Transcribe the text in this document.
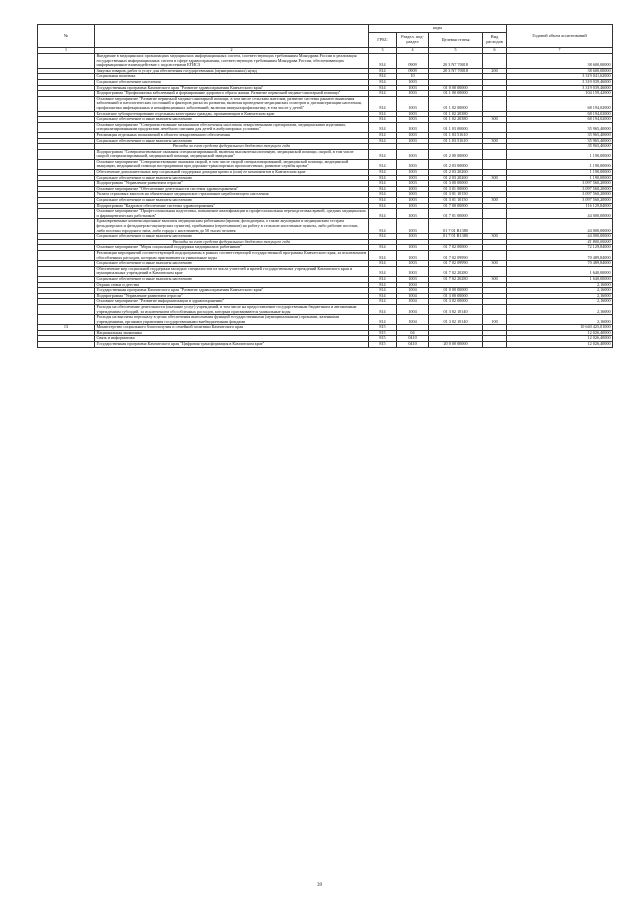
№		коды				Годовой объем ассигнований
		ГРБС	Раздел, под-раздел	Целевая статья	Вид расходов	
1	2	3	4	5	6	7
	Внедрение в медицинских организациях медицинских информационных систем, соответствующих требованиям Минздрава России и реализация государственных информационных систем в сфере здравоохранения, соответствующих требованиям Минздрава России, обеспечивающих информационное взаимодействие с подсистемами ЕГИСЗ	814	0909	20 3 N7 70018		38 600,00000
	Закупка товаров, работ и услуг для обеспечения государственных (муниципальных) нужд	814	0909	20 3 N7 70018	200	38 600,00000
	Социальная политика	814	10			3 319 041,62000
	Социальное обеспечение населения	814	1003			3 319 039,46000
	Государственная программа Камчатского края "Развитие здравоохранения Камчатского края"	814	1003	01 0 00 00000		3 319 039,46000
	Подпрограмма "Профилактика заболеваний и формирование здорового образа жизни. Развитие первичной медико-санитарной помощи"	814	1003	01 1 00 00000		104 159,42000
	Основное мероприятие "Развитие первичной медико-санитарной помощи, в том числе сельским жителям, развитие системы раннего выявления заболеваний и патологических состояний и факторов риска их развития, включая проведение медицинских осмотров и диспансеризации населения, профилактика инфекционных и неинфекционных заболеваний, включая иммунопрофилактику, в том числе у детей"	814	1003	01 1 02 00000		68 194,02000
	Бесплатное зубопротезирование отдельным категориям граждан, проживающим в Камчатском крае	814	1003	01 1 02 20380		68 194,02000
	Социальное обеспечение и иные выплаты населению	814	1003	01 1 02 20380	300	68 194,02000
	Основное мероприятие "Совершенствование механизмов обеспечения населения лекарственными препаратами, медицинскими изделиями, специализированными продуктами лечебного питания для детей в амбулаторных условиях"	814	1003	01 1 03 00000		35 965,40000
	Реализация отдельных полномочий в области лекарственного обеспечения	814	1003	01 1 03 51610		35 965,40000
	Социальное обеспечение и иные выплаты населению	814	1003	01 1 03 51610	300	35 965,40000
	Расходы за счет средств федерального бюджета текущего года					35 965,40000
	Подпрограмма "Совершенствование оказания специализированной, включая высокотехнологичную, медицинской помощи, скорой, в том числе скорой специализированной, медицинской помощи, медицинской эвакуации"	814	1003	01 2 00 00000		1 190,00000
	Основное мероприятие "Совершенствование оказания скорой, в том числе скорой специализированной, медицинской помощи, медицинской эвакуации, медицинской помощи пострадавшим при дорожно-транспортных происшествиях, развитие службы крови"	814	1003	01 2 03 00000		1 190,00000
	Обеспечение дополнительных мер социальной поддержки донорам крови и (или) ее компонентов в Камчатском крае	814	1003	01 2 03 20260		1 190,00000
	Социальное обеспечение и иные выплаты населению	814	1003	01 2 03 20260	300	1 190,00000
	Подпрограмма "Управление развитием отрасли"	814	1003	01 3 00 00000		3 097 560,20000
	Основное мероприятие "Обеспечение деятельности системы здравоохранения"	814	1003	01 3 01 00000		3 097 560,20000
	Уплата страховых взносов на обязательное медицинское страхование неработающего населения	814	1003	01 3 01 10150		3 097 560,20000
	Социальное обеспечение и иные выплаты населению	814	1003	01 3 01 10150	300	3 097 560,20000
	Подпрограмма "Кадровое обеспечение системы здравоохранения"	814	1003	01 7 00 00000		116 129,84000
	Основное мероприятие "Профессиональная подготовка, повышение квалификации и профессиональная переподготовка врачей, средних медицинских и фармацевтических работников"	814	1003	01 7 01 00000		44 000,00000
	Единовременные компенсационные выплаты медицинским работникам (врачам, фельдшерам, а также акушеркам и медицинским сестрам фельдшерских и фельдшерско-акушерских пунктов), прибывшим (переехавшим) на работу в сельские населенные пункты, либо рабочие поселки, либо поселки городского типа, либо города с населением до 50 тысяч человек	814	1003	01 7 01 R1380		44 000,00000
	Социальное обеспечение и иные выплаты населению	814	1003	01 7 01 R1380	300	44 000,00000
	Расходы за счет средств федерального бюджета текущего года					41 800,00000
	Основное мероприятие "Меры социальной поддержки медицинских работников"	814	1003	01 7 02 00000		72 129,84000
	Реализация мероприятий соответствующей подпрограммы в рамках соответствующей государственной программы Камчатского края, за исключением обособленных расходов, которым присваиваются уникальные коды	814	1003	01 7 02 09990		70 489,84000
	Социальное обеспечение и иные выплаты населению	814	1003	01 7 02 09990	300	70 489,84000
	Обеспечение мер социальной поддержки молодых специалистов из числа учителей и врачей государственных учреждений Камчатского края и муниципальных учреждений в Камчатском крае	814	1003	01 7 02 20280		1 640,00000
	Социальное обеспечение и иные выплаты населению	814	1003	01 7 02 20280	300	1 640,00000
	Охрана семьи и детства	814	1004			2,16000
	Государственная программа Камчатского края "Развитие здравоохранения Камчатского края"	814	1004	01 0 00 00000		2,16000
	Подпрограмма "Управление развитием отрасли"	814	1004	01 3 00 00000		2,16000
	Основное мероприятие "Развитие информатизации в здравоохранении"	814	1004	01 3 02 00000		2,16000
	Расходы на обеспечение деятельности (оказание услуг) учреждений, в том числе на предоставление государственным бюджетным и автономным учреждениям субсидий, за исключением обособленных расходов, которым присваиваются уникальные коды	814	1004	01 3 02 10140		2,16000
	Расходы на выплаты персоналу в целях обеспечения выполнения функций государственными (муниципальными) органами, казенными учреждениями, органами управления государственными внебюджетными фондами	814	1004	01 3 02 10140	100	2,16000
13	Министерство социального благополучия и семейной политики Камчатского края	815				10 640 425,01000
	Национальная экономика	815	04			12 026,40000
	Связь и информатика	815	0410			12 026,40000
	Государственная программа Камчатского края "Цифровая трансформация в Камчатском крае"	815	0410	20 0 00 00000		12 026,40000
39
